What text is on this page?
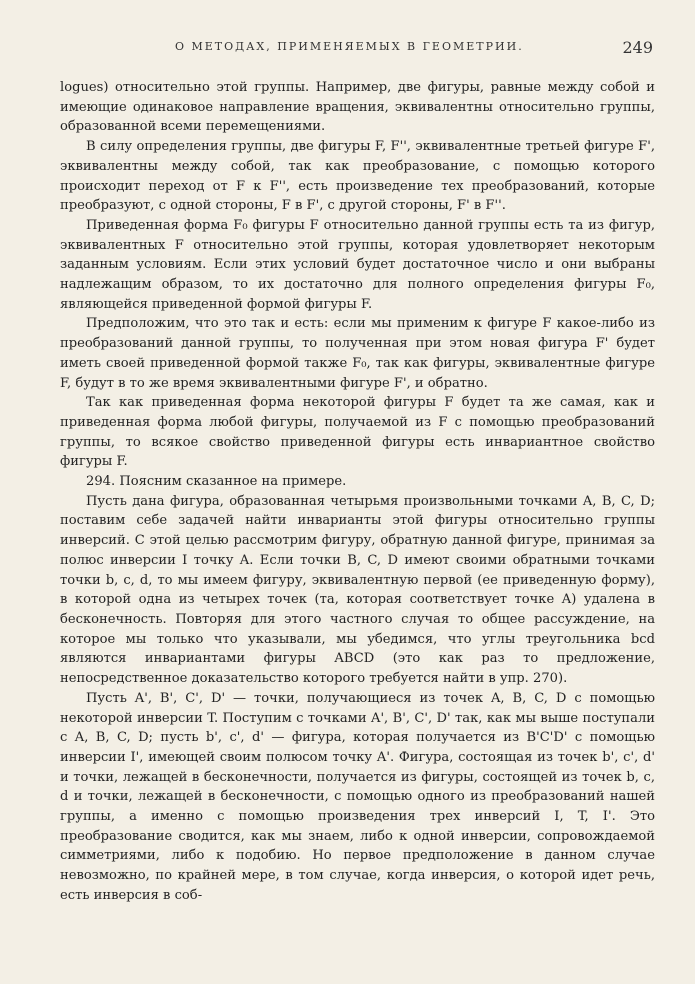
О МЕТОДАХ, ПРИМЕНЯЕМЫХ В ГЕОМЕТРИИ.	249

logues) относительно этой группы. Например, две фигуры, равные между собой и имеющие одинаковое направление вращения, эквивалентны относительно группы, образованной всеми перемещениями.

В силу определения группы, две фигуры F, F'', эквивалентные третьей фигуре F', эквивалентны между собой, так как преобразование, с помощью которого происходит переход от F к F'', есть произведение тех преобразований, которые преобразуют, с одной стороны, F в F', с другой стороны, F' в F''.

Приведенная форма F₀ фигуры F относительно данной группы есть та из фигур, эквивалентных F относительно этой группы, которая удовлетворяет некоторым заданным условиям. Если этих условий будет достаточное число и они выбраны надлежащим образом, то их достаточно для полного определения фигуры F₀, являющейся приведенной формой фигуры F.

Предположим, что это так и есть: если мы применим к фигуре F какое-либо из преобразований данной группы, то полученная при этом новая фигура F' будет иметь своей приведенной формой также F₀, так как фигуры, эквивалентные фигуре F, будут в то же время эквивалентными фигуре F', и обратно.

Так как приведенная форма некоторой фигуры F будет та же самая, как и приведенная форма любой фигуры, получаемой из F с помощью преобразований группы, то всякое свойство приведенной фигуры есть инвариантное свойство фигуры F.

294. Поясним сказанное на примере.

Пусть дана фигура, образованная четырьмя произвольными точками A, B, C, D; поставим себе задачей найти инварианты этой фигуры относительно группы инверсий. С этой целью рассмотрим фигуру, обратную данной фигуре, принимая за полюс инверсии I точку A. Если точки B, C, D имеют своими обратными точками точки b, c, d, то мы имеем фигуру, эквивалентную первой (ее приведенную форму), в которой одна из четырех точек (та, которая соответствует точке A) удалена в бесконечность. Повторяя для этого частного случая то общее рассуждение, на которое мы только что указывали, мы убедимся, что углы треугольника bcd являются инвариантами фигуры ABCD (это как раз то предложение, непосредственное доказательство которого требуется найти в упр. 270).

Пусть A', B', C', D' — точки, получающиеся из точек A, B, C, D с помощью некоторой инверсии T. Поступим с точками A', B', C', D' так, как мы выше поступали с A, B, C, D; пусть b', c', d' — фигура, которая получается из B'C'D' с помощью инверсии I', имеющей своим полюсом точку A'. Фигура, состоящая из точек b', c', d' и точки, лежащей в бесконечности, получается из фигуры, состоящей из точек b, c, d и точки, лежащей в бесконечности, с помощью одного из преобразований нашей группы, а именно с помощью произведения трех инверсий I, T, I'. Это преобразование сводится, как мы знаем, либо к одной инверсии, сопровождаемой симметриями, либо к подобию. Но первое предположение в данном случае невозможно, по крайней мере, в том случае, когда инверсия, о которой идет речь, есть инверсия в соб-
